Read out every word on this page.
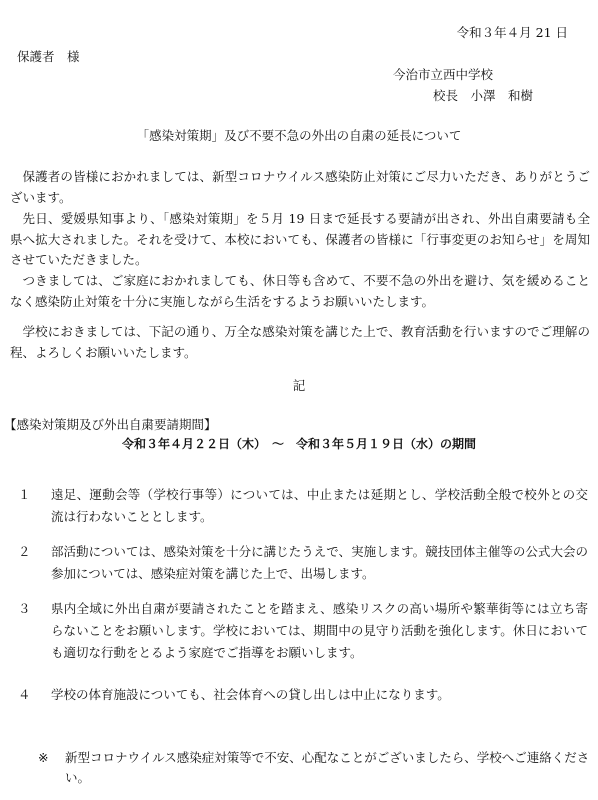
令和３年４月 21 日
保護者　様
今治市立西中学校
校長　小澤　和樹
「感染対策期」及び不要不急の外出の自粛の延長について
保護者の皆様におかれましては、新型コロナウイルス感染防止対策にご尽力いただき、ありがとうございます。
先日、愛媛県知事より、「感染対策期」を５月 19 日まで延長する要請が出され、外出自粛要請も全県へ拡大されました。それを受けて、本校においても、保護者の皆様に「行事変更のお知らせ」を周知させていただきました。
つきましては、ご家庭におかれましても、休日等も含めて、不要不急の外出を避け、気を緩めることなく感染防止対策を十分に実施しながら生活をするようお願いいたします。
学校におきましては、下記の通り、万全な感染対策を講じた上で、教育活動を行いますのでご理解の程、よろしくお願いいたします。
記
【感染対策期及び外出自粛要請期間】
令和３年４月２２日（木）　～　令和３年５月１９日（水）の期間
１	遠足、運動会等（学校行事等）については、中止または延期とし、学校活動全般で校外との交流は行わないこととします。
２	部活動については、感染対策を十分に講じたうえで、実施します。競技団体主催等の公式大会の参加については、感染症対策を講じた上で、出場します。
３	県内全域に外出自粛が要請されたことを踏まえ、感染リスクの高い場所や繁華街等には立ち寄らないことをお願いします。学校においては、期間中の見守り活動を強化します。休日においても適切な行動をとるよう家庭でご指導をお願いします。
４	学校の体育施設についても、社会体育への貸し出しは中止になります。
※ 新型コロナウイルス感染症対策等で不安、心配なことがございましたら、学校へご連絡ください。
